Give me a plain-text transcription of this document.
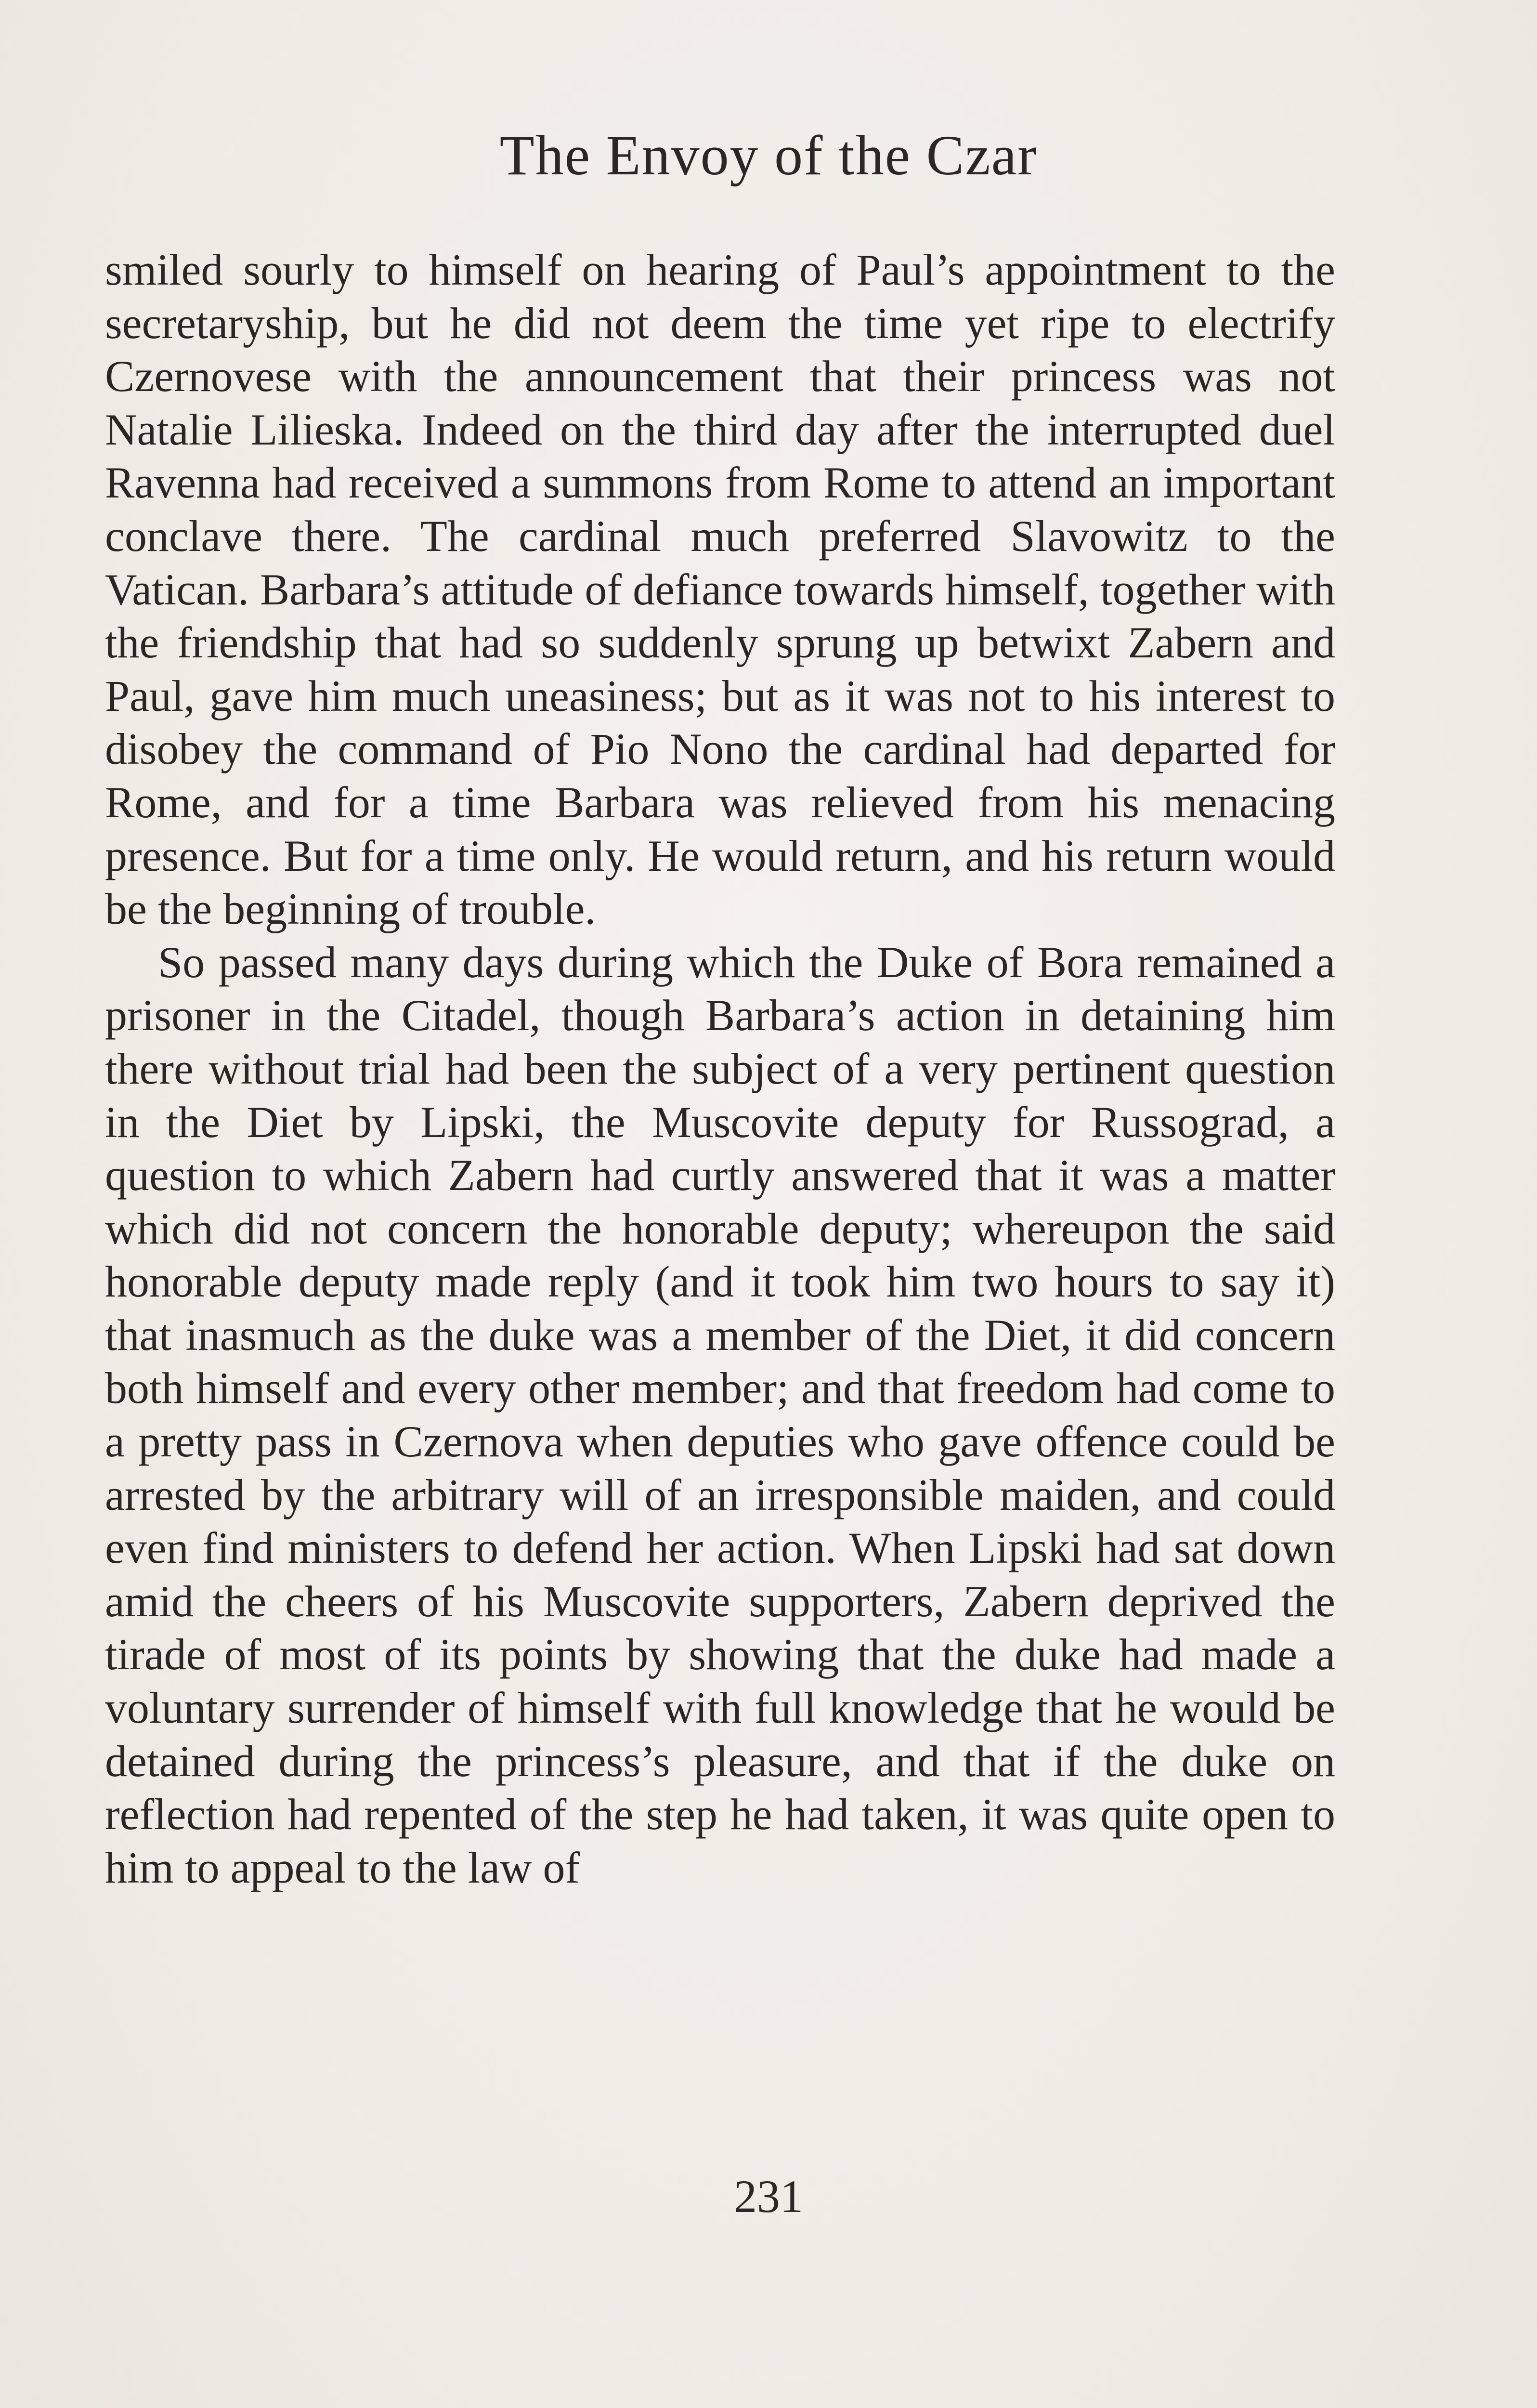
The Envoy of the Czar

smiled sourly to himself on hearing of Paul’s appointment to the secretaryship, but he did not deem the time yet ripe to electrify Czernovese with the announcement that their princess was not Natalie Lilieska. Indeed on the third day after the interrupted duel Ravenna had received a summons from Rome to attend an important conclave there. The cardinal much preferred Slavowitz to the Vatican. Barbara’s attitude of defiance towards himself, together with the friendship that had so suddenly sprung up betwixt Zabern and Paul, gave him much uneasiness; but as it was not to his interest to disobey the command of Pio Nono the cardinal had departed for Rome, and for a time Barbara was relieved from his menacing presence. But for a time only. He would return, and his return would be the beginning of trouble.

So passed many days during which the Duke of Bora remained a prisoner in the Citadel, though Barbara’s action in detaining him there without trial had been the subject of a very pertinent question in the Diet by Lipski, the Muscovite deputy for Russograd, a question to which Zabern had curtly answered that it was a matter which did not concern the honorable deputy; whereupon the said honorable deputy made reply (and it took him two hours to say it) that inasmuch as the duke was a member of the Diet, it did concern both himself and every other member; and that freedom had come to a pretty pass in Czernova when deputies who gave offence could be arrested by the arbitrary will of an irresponsible maiden, and could even find ministers to defend her action. When Lipski had sat down amid the cheers of his Muscovite supporters, Zabern deprived the tirade of most of its points by showing that the duke had made a voluntary surrender of himself with full knowledge that he would be detained during the princess’s pleasure, and that if the duke on reflection had repented of the step he had taken, it was quite open to him to appeal to the law of

231
